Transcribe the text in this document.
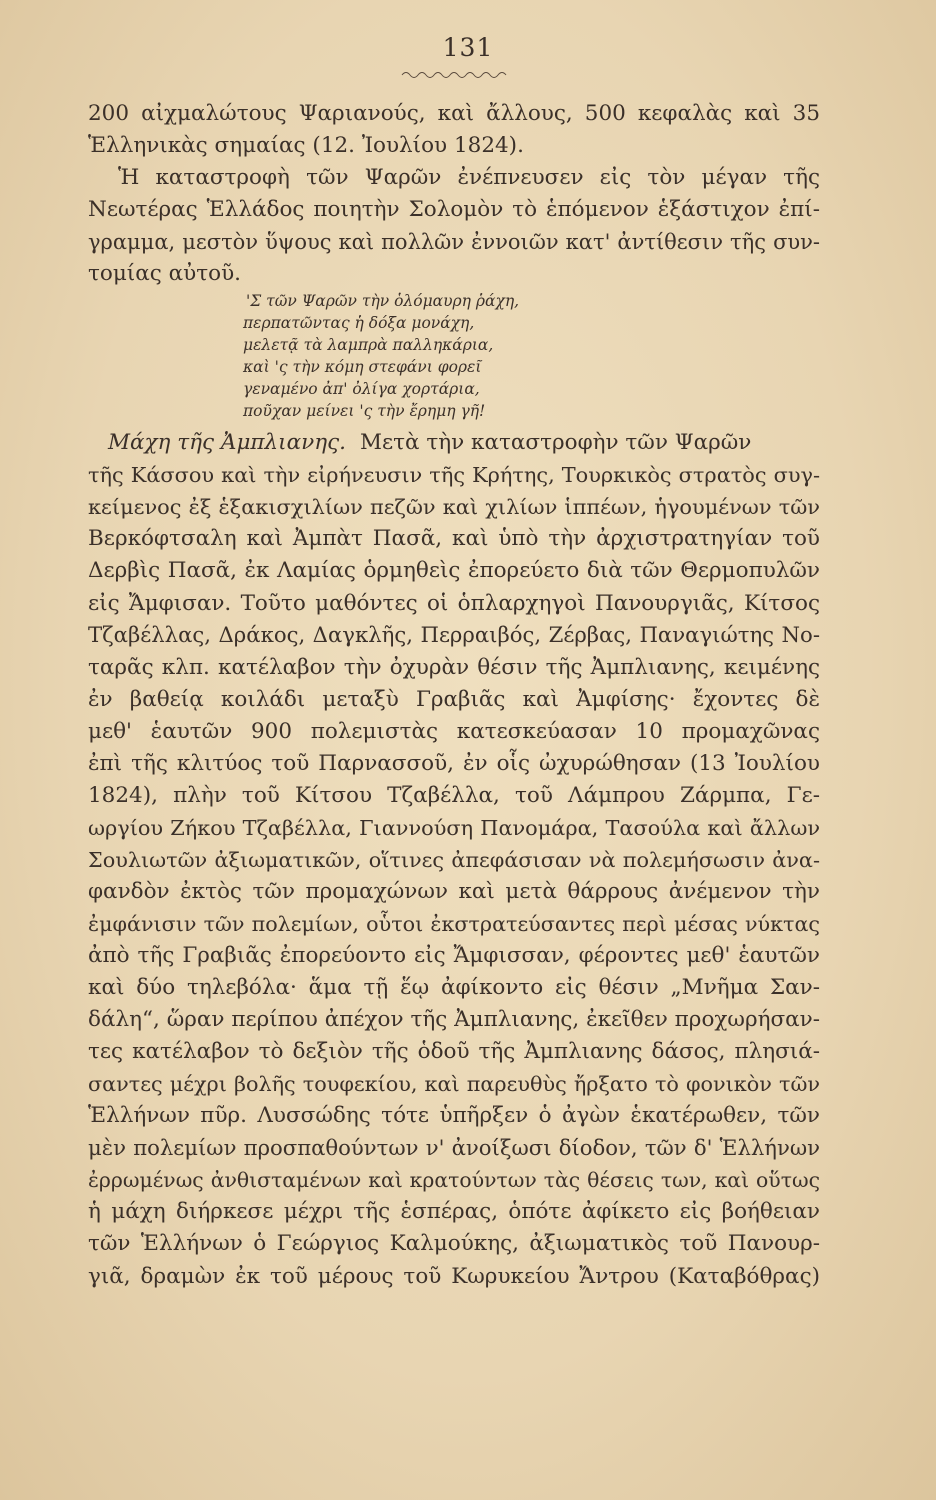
131
200 αἰχμαλώτους Ψαριανούς, καὶ ἄλλους, 500 κεφαλὰς καὶ 35
Ἑλληνικὰς σημαίας (12. Ἰουλίου 1824).
Ἡ καταστροφὴ τῶν Ψαρῶν ἐνέπνευσεν εἰς τὸν μέγαν τῆς
Νεωτέρας Ἑλλάδος ποιητὴν Σολομὸν τὸ ἑπόμενον ἑξάστιχον ἐπί-
γραμμα, μεστὸν ὕψους καὶ πολλῶν ἐννοιῶν κατ' ἀντίθεσιν τῆς συν-
τομίας αὐτοῦ.
'Σ τῶν Ψαρῶν τὴν ὁλόμαυρη ῥάχη,
περπατῶντας ἡ δόξα μονάχη,
μελετᾷ τὰ λαμπρὰ παλληκάρια,
καὶ 'ς τὴν κόμη στεφάνι φορεῖ
γεναμένο ἀπ' ὀλίγα χορτάρια,
ποῦχαν μείνει 'ς τὴν ἔρημη γῆ!
Μάχη τῆς Ἀμπλιανης. Μετὰ τὴν καταστροφὴν τῶν Ψαρῶν
τῆς Κάσσου καὶ τὴν εἰρήνευσιν τῆς Κρήτης, Τουρκικὸς στρατὸς συγ-
κείμενος ἐξ ἑξακισχιλίων πεζῶν καὶ χιλίων ἱππέων, ἡγουμένων τῶν
Βερκόφτσαλη καὶ Ἀμπὰτ Πασᾶ, καὶ ὑπὸ τὴν ἀρχιστρατηγίαν τοῦ
Δερβὶς Πασᾶ, ἐκ Λαμίας ὁρμηθεὶς ἐπορεύετο διὰ τῶν Θερμοπυλῶν
εἰς Ἄμφισαν. Τοῦτο μαθόντες οἱ ὁπλαρχηγοὶ Πανουργιᾶς, Κίτσος
Τζαβέλλας, Δράκος, Δαγκλῆς, Περραιβός, Ζέρβας, Παναγιώτης Νο-
ταρᾶς κλπ. κατέλαβον τὴν ὀχυρὰν θέσιν τῆς Ἀμπλιανης, κειμένης
ἐν βαθείᾳ κοιλάδι μεταξὺ Γραβιᾶς καὶ Ἀμφίσης· ἔχοντες δὲ
μεθ' ἑαυτῶν 900 πολεμιστὰς κατεσκεύασαν 10 προμαχῶνας
ἐπὶ τῆς κλιτύος τοῦ Παρνασσοῦ, ἐν οἷς ὠχυρώθησαν (13 Ἰουλίου
1824), πλὴν τοῦ Κίτσου Τζαβέλλα, τοῦ Λάμπρου Ζάρμπα, Γε-
ωργίου Ζήκου Τζαβέλλα, Γιαννούση Πανομάρα, Τασούλα καὶ ἄλλων
Σουλιωτῶν ἀξιωματικῶν, οἵτινες ἀπεφάσισαν νὰ πολεμήσωσιν ἀνα-
φανδὸν ἐκτὸς τῶν προμαχώνων καὶ μετὰ θάρρους ἀνέμενον τὴν
ἐμφάνισιν τῶν πολεμίων, οὗτοι ἐκστρατεύσαντες περὶ μέσας νύκτας
ἀπὸ τῆς Γραβιᾶς ἐπορεύοντο εἰς Ἄμφισσαν, φέροντες μεθ' ἑαυτῶν
καὶ δύο τηλεβόλα· ἅμα τῇ ἕῳ ἀφίκοντο εἰς θέσιν „Μνῆμα Σαν-
δάλη“, ὥραν περίπου ἀπέχον τῆς Ἀμπλιανης, ἐκεῖθεν προχωρήσαν-
τες κατέλαβον τὸ δεξιὸν τῆς ὁδοῦ τῆς Ἀμπλιανης δάσος, πλησιά-
σαντες μέχρι βολῆς τουφεκίου, καὶ παρευθὺς ἤρξατο τὸ φονικὸν τῶν
Ἑλλήνων πῦρ. Λυσσώδης τότε ὑπῆρξεν ὁ ἀγὼν ἑκατέρωθεν, τῶν
μὲν πολεμίων προσπαθούντων ν' ἀνοίξωσι δίοδον, τῶν δ' Ἑλλήνων
ἐρρωμένως ἀνθισταμένων καὶ κρατούντων τὰς θέσεις των, καὶ οὕτως
ἡ μάχη διήρκεσε μέχρι τῆς ἑσπέρας, ὁπότε ἀφίκετο εἰς βοήθειαν
τῶν Ἑλλήνων ὁ Γεώργιος Καλμούκης, ἀξιωματικὸς τοῦ Πανουρ-
γιᾶ, δραμὼν ἐκ τοῦ μέρους τοῦ Κωρυκείου Ἄντρου (Καταβόθρας)
